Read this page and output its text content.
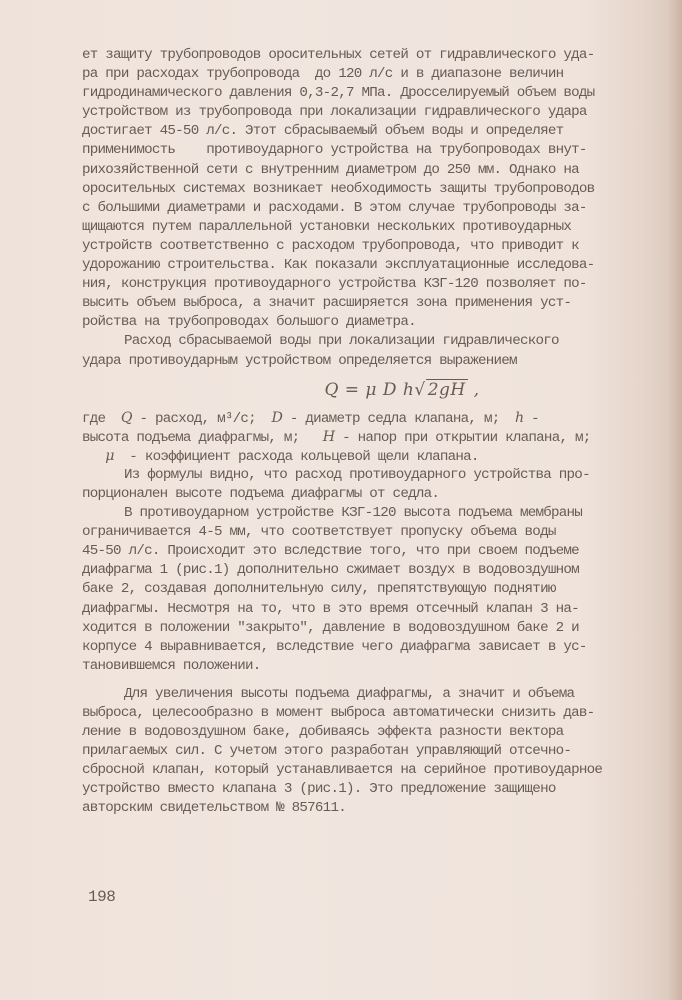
ет защиту трубопроводов оросительных сетей от гидравлического уда-
ра при расходах трубопровода  до 120 л/с и в диапазоне величин
гидродинамического давления 0,3-2,7 МПа. Дросселируемый объем воды
устройством из трубопровода при локализации гидравлического удара
достигает 45-50 л/с. Этот сбрасываемый объем воды и определяет
применимость    противоударного устройства на трубопроводах внут-
рихозяйственной сети с внутренним диаметром до 250 мм. Однако на
оросительных системах возникает необходимость защиты трубопроводов
с большими диаметрами и расходами. В этом случае трубопроводы за-
щищаются путем параллельной установки нескольких противоударных
устройств соответственно с расходом трубопровода, что приводит к
удорожанию строительства. Как показали эксплуатационные исследова-
ния, конструкция противоударного устройства КЗГ-120 позволяет по-
высить объем выброса, а значит расширяется зона применения уст-
ройства на трубопроводах большого диаметра.
Расход сбрасываемой воды при локализации гидравлического
удара противоударным устройством определяется выражением
Q = μ D h√ 2gH ,
где  Q - расход, м³/с;  D - диаметр седла клапана, м;  h -
высота подъема диафрагмы, м;   H - напор при открытии клапана, м;
μ  - коэффициент расхода кольцевой щели клапана.
Из формулы видно, что расход противоударного устройства про-
порционален высоте подъема диафрагмы от седла.
В противоударном устройстве КЗГ-120 высота подъема мембраны
ограничивается 4-5 мм, что соответствует пропуску объема воды
45-50 л/с. Происходит это вследствие того, что при своем подъеме
диафрагма 1 (рис.1) дополнительно сжимает воздух в водовоздушном
баке 2, создавая дополнительную силу, препятствующую поднятию
диафрагмы. Несмотря на то, что в это время отсечный клапан 3 на-
ходится в положении "закрыто", давление в водовоздушном баке 2 и
корпусе 4 выравнивается, вследствие чего диафрагма зависает в ус-
тановившемся положении.
Для увеличения высоты подъема диафрагмы, а значит и объема
выброса, целесообразно в момент выброса автоматически снизить дав-
ление в водовоздушном баке, добиваясь эффекта разности вектора
прилагаемых сил. С учетом этого разработан управляющий отсечно-
сбросной клапан, который устанавливается на серийное противоударное
устройство вместо клапана 3 (рис.1). Это предложение защищено
авторским свидетельством № 857611.
198
